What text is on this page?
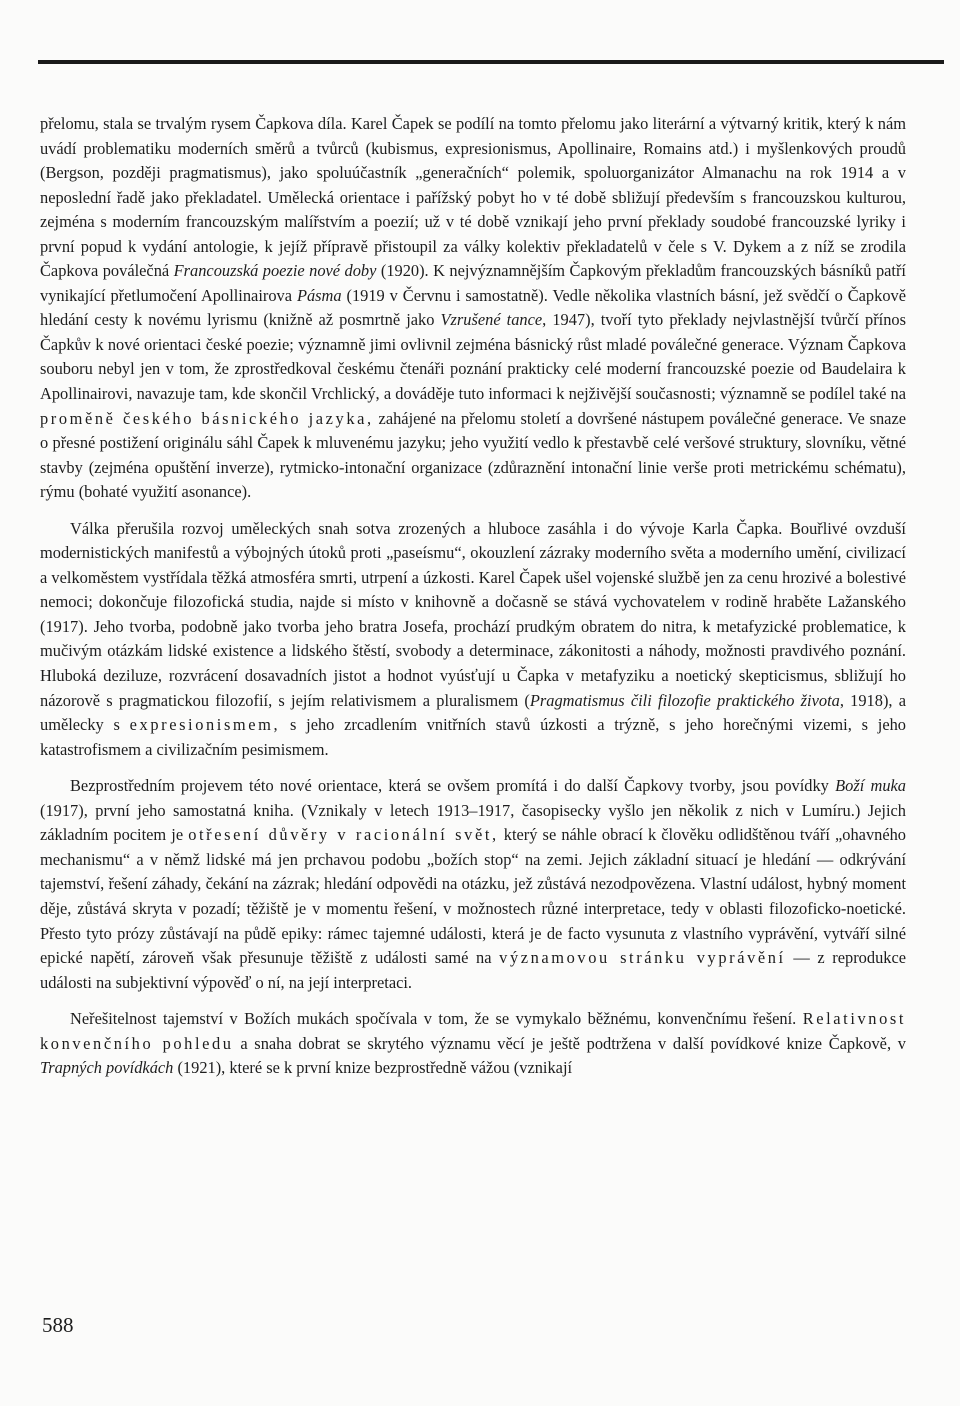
přelomu, stala se trvalým rysem Čapkova díla. Karel Čapek se podílí na tomto přelomu jako literární a výtvarný kritik, který k nám uvádí problematiku moderních směrů a tvůrců (kubismus, expresionismus, Apollinaire, Romains atd.) i myšlenkových proudů (Bergson, později pragmatismus), jako spoluúčastník „generačních“ polemik, spoluorganizátor Almanachu na rok 1914 a v neposlední řadě jako překladatel. Umělecká orientace i pařížský pobyt ho v té době sbližují především s francouzskou kulturou, zejména s moderním francouzským malířstvím a poezií; už v té době vznikají jeho první překlady soudobé francouzské lyriky i první popud k vydání antologie, k jejíž přípravě přistoupil za války kolektiv překladatelů v čele s V. Dykem a z níž se zrodila Čapkova poválečná Francouzská poezie nové doby (1920). K nejvýznamnějším Čapkovým překladům francouzských básníků patří vynikající přetlumočení Apollinairova Pásma (1919 v Červnu i samostatně). Vedle několika vlastních básní, jež svědčí o Čapkově hledání cesty k novému lyrismu (knižně až posmrtně jako Vzrušené tance, 1947), tvoří tyto překlady nejvlastnější tvůrčí přínos Čapkův k nové orientaci české poezie; významně jimi ovlivnil zejména básnický růst mladé poválečné generace. Význam Čapkova souboru nebyl jen v tom, že zprostředkoval českému čtenáři poznání prakticky celé moderní francouzské poezie od Baudelaira k Apollinairovi, navazuje tam, kde skončil Vrchlický, a dováděje tuto informaci k nejživější současnosti; významně se podílel také na proměně českého básnického jazyka, zahájené na přelomu století a dovršené nástupem poválečné generace. Ve snaze o přesné postižení originálu sáhl Čapek k mluvenému jazyku; jeho využití vedlo k přestavbě celé veršové struktury, slovníku, větné stavby (zejména opuštění inverze), rytmicko-intonační organizace (zdůraznění intonační linie verše proti metrickému schématu), rýmu (bohaté využití asonance).

Válka přerušila rozvoj uměleckých snah sotva zrozených a hluboce zasáhla i do vývoje Karla Čapka. Bouřlivé ovzduší modernistických manifestů a výbojných útoků proti „paseísmu“, okouzlení zázraky moderního světa a moderního umění, civilizací a velkoměstem vystřídala těžká atmosféra smrti, utrpení a úzkosti. Karel Čapek ušel vojenské službě jen za cenu hrozivé a bolestivé nemoci; dokončuje filozofická studia, najde si místo v knihovně a dočasně se stává vychovatelem v rodině hraběte Lažanského (1917). Jeho tvorba, podobně jako tvorba jeho bratra Josefa, prochází prudkým obratem do nitra, k metafyzické problematice, k mučivým otázkám lidské existence a lidského štěstí, svobody a determinace, zákonitosti a náhody, možnosti pravdivého poznání. Hluboká deziluze, rozvrácení dosavadních jistot a hodnot vyúsťují u Čapka v metafyziku a noetický skepticismus, sbližují ho názorově s pragmatickou filozofií, s jejím relativismem a pluralismem (Pragmatismus čili filozofie praktického života, 1918), a umělecky s expresionismem, s jeho zrcadlením vnitřních stavů úzkosti a trýzně, s jeho horečnými vizemi, s jeho katastrofismem a civilizačním pesimismem.

Bezprostředním projevem této nové orientace, která se ovšem promítá i do další Čapkovy tvorby, jsou povídky Boží muka (1917), první jeho samostatná kniha. (Vznikaly v letech 1913–1917, časopisecky vyšlo jen několik z nich v Lumíru.) Jejich základním pocitem je otřesení důvěry v racionální svět, který se náhle obrací k člověku odlidštěnou tváří „ohavného mechanismu“ a v němž lidské má jen prchavou podobu „božích stop“ na zemi. Jejich základní situací je hledání — odkrývání tajemství, řešení záhady, čekání na zázrak; hledání odpovědi na otázku, jež zůstává nezodpovězena. Vlastní událost, hybný moment děje, zůstává skryta v pozadí; těžiště je v momentu řešení, v možnostech různé interpretace, tedy v oblasti filozoficko-noetické. Přesto tyto prózy zůstávají na půdě epiky: rámec tajemné události, která je de facto vysunuta z vlastního vyprávění, vytváří silné epické napětí, zároveň však přesunuje těžiště z události samé na významovou stránku vyprávění — z reprodukce události na subjektivní výpověď o ní, na její interpretaci.

Neřešitelnost tajemství v Božích mukách spočívala v tom, že se vymykalo běžnému, konvenčnímu řešení. Relativnost konvenčního pohledu a snaha dobrat se skrytého významu věcí je ještě podtržena v další povídkové knize Čapkově, v Trapných povídkách (1921), které se k první knize bezprostředně vážou (vznikají

588
